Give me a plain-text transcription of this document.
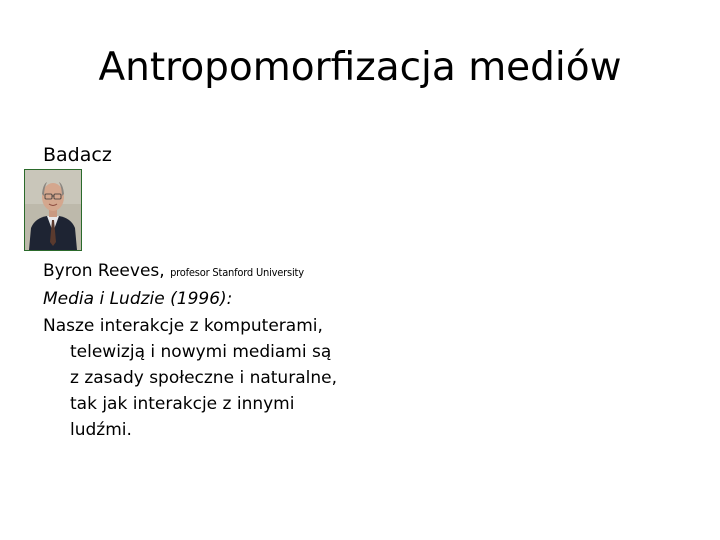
Antropomorfizacja mediów
Badacz
Byron Reeves, profesor Stanford University
Media i Ludzie (1996):
Nasze interakcje z komputerami,
telewizją i nowymi mediami są
z zasady społeczne i naturalne,
tak jak interakcje z innymi
ludźmi.
